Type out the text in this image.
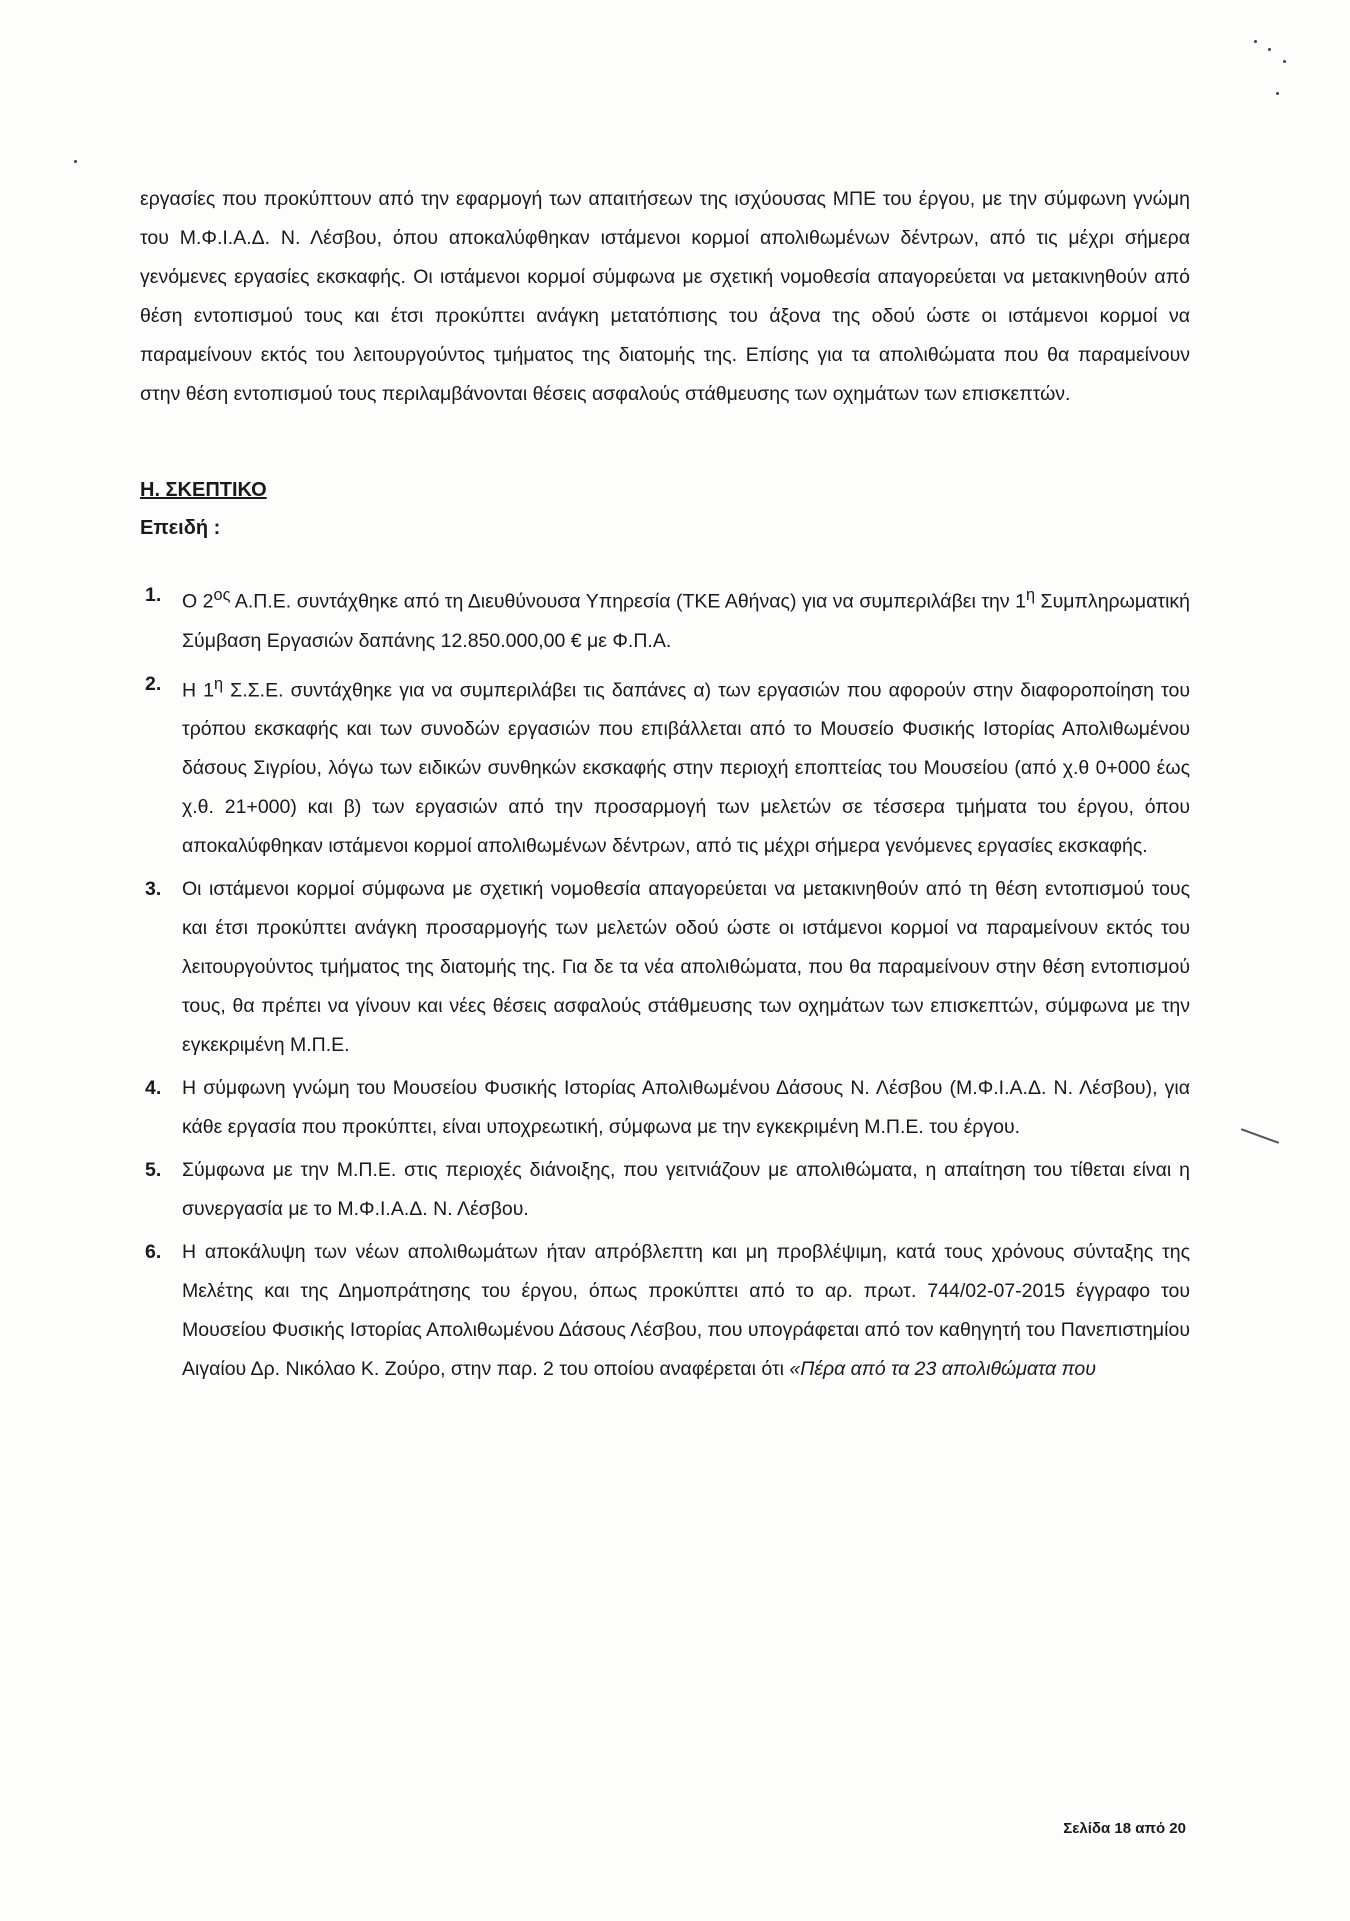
εργασίες που προκύπτουν από την εφαρμογή των απαιτήσεων της ισχύουσας ΜΠΕ του έργου, με την σύμφωνη γνώμη του Μ.Φ.Ι.Α.Δ. Ν. Λέσβου, όπου αποκαλύφθηκαν ιστάμενοι κορμοί απολιθωμένων δέντρων, από τις μέχρι σήμερα γενόμενες εργασίες εκσκαφής. Οι ιστάμενοι κορμοί σύμφωνα με σχετική νομοθεσία απαγορεύεται να μετακινηθούν από θέση εντοπισμού τους και έτσι προκύπτει ανάγκη μετατόπισης του άξονα της οδού ώστε οι ιστάμενοι κορμοί να παραμείνουν εκτός του λειτουργούντος τμήματος της διατομής της. Επίσης για τα απολιθώματα που θα παραμείνουν στην θέση εντοπισμού τους περιλαμβάνονται θέσεις ασφαλούς στάθμευσης των οχημάτων των επισκεπτών.

Η. ΣΚΕΠΤΙΚΟ
Επειδή :
1. Ο $2^{o\varsigma}$ Α.Π.Ε. συντάχθηκε από τη Διευθύνουσα Υπηρεσία (ΤΚΕ Αθήνας) για να συμπεριλάβει την $1^\eta$ Συμπληρωματική Σύμβαση Εργασιών δαπάνης 12.850.000,00 € με Φ.Π.Α.
2. Η $1^\eta$ Σ.Σ.Ε. συντάχθηκε για να συμπεριλάβει τις δαπάνες α) των εργασιών που αφορούν στην διαφοροποίηση του τρόπου εκσκαφής και των συνοδών εργασιών που επιβάλλεται από το Μουσείο Φυσικής Ιστορίας Απολιθωμένου δάσους Σιγρίου, λόγω των ειδικών συνθηκών εκσκαφής στην περιοχή εποπτείας του Μουσείου (από χ.θ 0+000 έως χ.θ. 21+000) και β) των εργασιών από την προσαρμογή των μελετών σε τέσσερα τμήματα του έργου, όπου αποκαλύφθηκαν ιστάμενοι κορμοί απολιθωμένων δέντρων, από τις μέχρι σήμερα γενόμενες εργασίες εκσκαφής.
3. Οι ιστάμενοι κορμοί σύμφωνα με σχετική νομοθεσία απαγορεύεται να μετακινηθούν από τη θέση εντοπισμού τους και έτσι προκύπτει ανάγκη προσαρμογής των μελετών οδού ώστε οι ιστάμενοι κορμοί να παραμείνουν εκτός του λειτουργούντος τμήματος της διατομής της. Για δε τα νέα απολιθώματα, που θα παραμείνουν στην θέση εντοπισμού τους, θα πρέπει να γίνουν και νέες θέσεις ασφαλούς στάθμευσης των οχημάτων των επισκεπτών, σύμφωνα με την εγκεκριμένη Μ.Π.Ε.
4. Η σύμφωνη γνώμη του Μουσείου Φυσικής Ιστορίας Απολιθωμένου Δάσους Ν. Λέσβου (Μ.Φ.Ι.Α.Δ. Ν. Λέσβου), για κάθε εργασία που προκύπτει, είναι υποχρεωτική, σύμφωνα με την εγκεκριμένη Μ.Π.Ε. του έργου.
5. Σύμφωνα με την Μ.Π.Ε. στις περιοχές διάνοιξης, που γειτνιάζουν με απολιθώματα, η απαίτηση του τίθεται είναι η συνεργασία με το Μ.Φ.Ι.Α.Δ. Ν. Λέσβου.
6. Η αποκάλυψη των νέων απολιθωμάτων ήταν απρόβλεπτη και μη προβλέψιμη, κατά τους χρόνους σύνταξης της Μελέτης και της Δημοπράτησης του έργου, όπως προκύπτει από το αρ. πρωτ. 744/02-07-2015 έγγραφο του Μουσείου Φυσικής Ιστορίας Απολιθωμένου Δάσους Λέσβου, που υπογράφεται από τον καθηγητή του Πανεπιστημίου Αιγαίου Δρ. Νικόλαο Κ. Ζούρο, στην παρ. 2 του οποίου αναφέρεται ότι «Πέρα από τα 23 απολιθώματα που
Σελίδα 18 από 20
